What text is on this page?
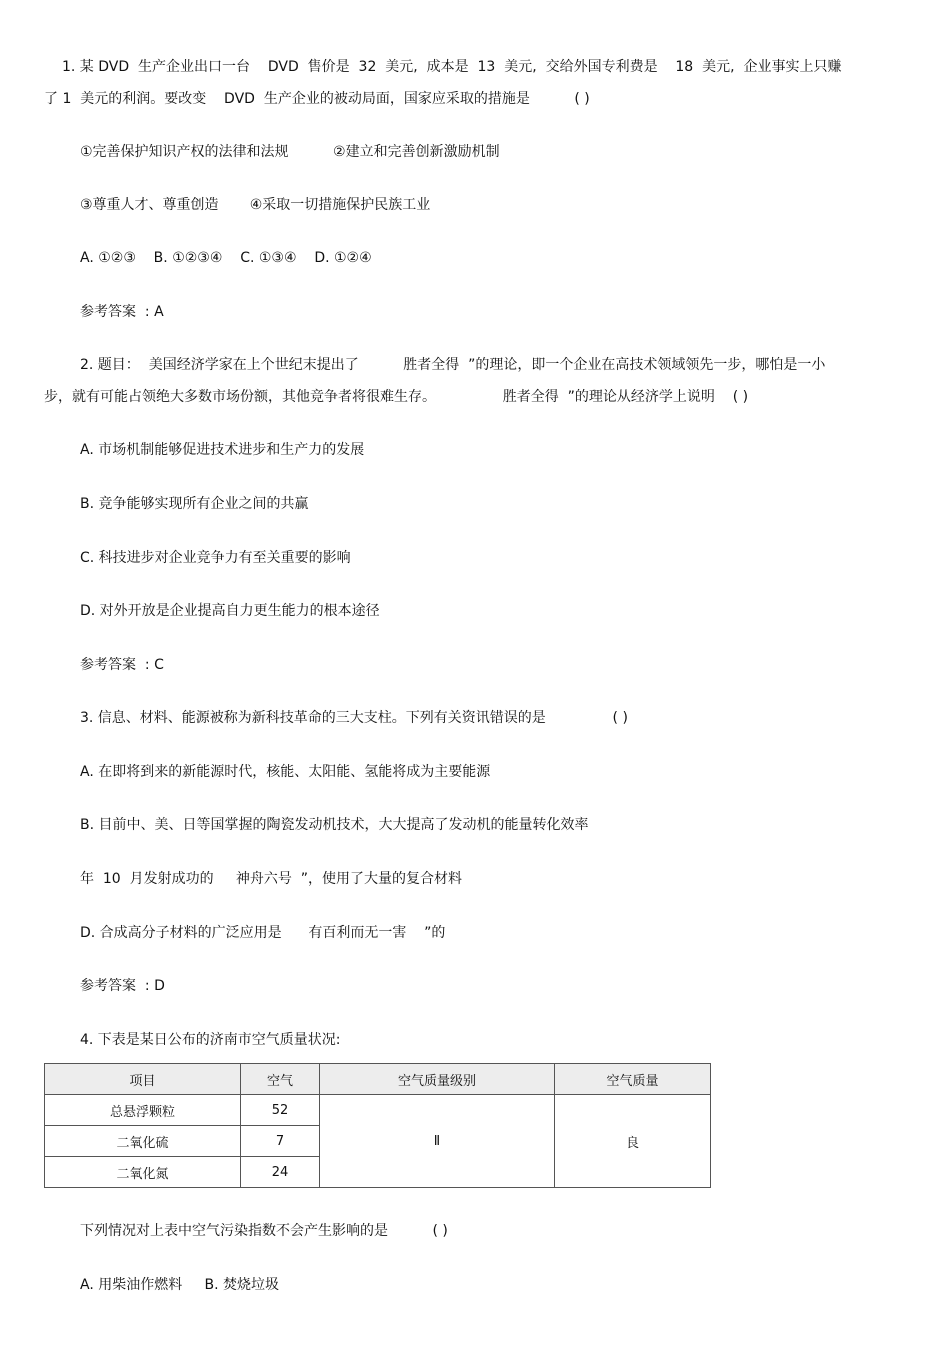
1. 某 DVD  生产企业出口一台    DVD  售价是  32  美元,  成本是  13  美元,  交给外国专利费是    18  美元,  企业事实上只赚
了 1  美元的利润。要改变    DVD  生产企业的被动局面，国家应采取的措施是          ( )
①完善保护知识产权的法律和法规          ②建立和完善创新激励机制
③尊重人才、尊重创造       ④采取一切措施保护民族工业
A. ①②③    B. ①②③④    C. ①③④    D. ①②④
参考答案  : A
2. 题目：  美国经济学家在上个世纪末提出了          胜者全得  ”的理论，即一个企业在高技术领域领先一步，哪怕是一小
步，就有可能占领绝大多数市场份额，其他竞争者将很难生存。               胜者全得  ”的理论从经济学上说明    ( )
A. 市场机制能够促进技术进步和生产力的发展
B. 竞争能够实现所有企业之间的共赢
C. 科技进步对企业竞争力有至关重要的影响
D. 对外开放是企业提高自力更生能力的根本途径
参考答案  : C
3. 信息、材料、能源被称为新科技革命的三大支柱。下列有关资讯错误的是               ( )
A. 在即将到来的新能源时代，核能、太阳能、氢能将成为主要能源
B. 目前中、美、日等国掌握的陶瓷发动机技术，大大提高了发动机的能量转化效率
年  10  月发射成功的     神舟六号  ”，使用了大量的复合材料
D. 合成高分子材料的广泛应用是      有百利而无一害    ”的
参考答案  : D
4. 下表是某日公布的济南市空气质量状况:
项目	空气	空气质量级别	空气质量
总悬浮颗粒	52	Ⅱ	良
二氧化硫	7		
二氧化氮	24		
下列情况对上表中空气污染指数不会产生影响的是          ( )
A. 用柴油作燃料     B. 焚烧垃圾
